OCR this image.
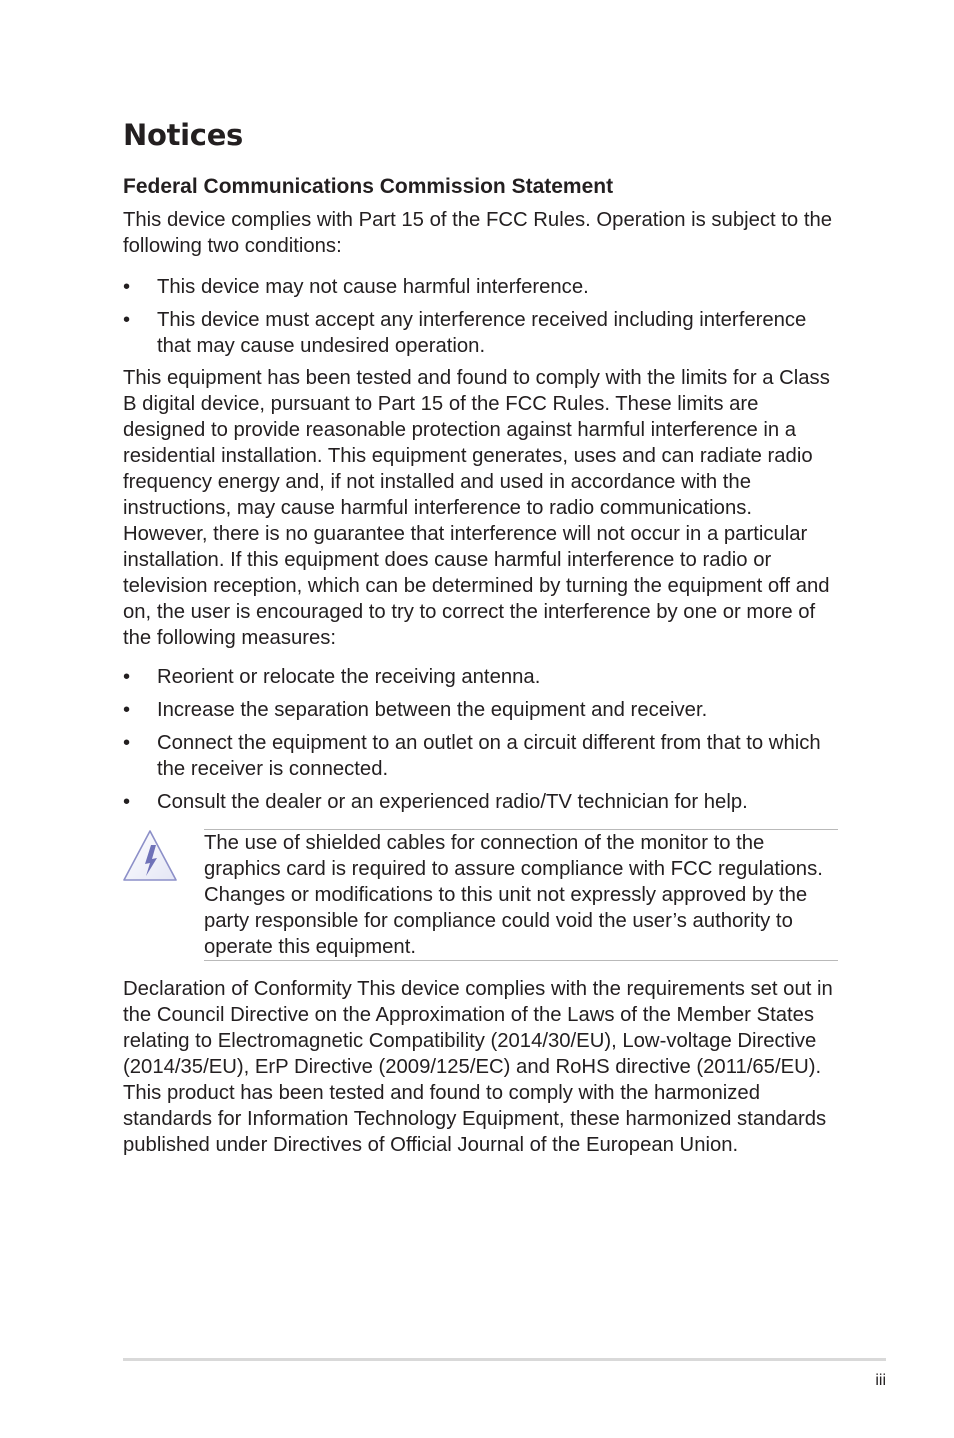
Notices
Federal Communications Commission Statement

This device complies with Part 15 of the FCC Rules. Operation is subject to the following two conditions:

• This device may not cause harmful interference.
• This device must accept any interference received including interference that may cause undesired operation.

This equipment has been tested and found to comply with the limits for a Class B digital device, pursuant to Part 15 of the FCC Rules. These limits are designed to provide reasonable protection against harmful interference in a residential installation. This equipment generates, uses and can radiate radio frequency energy and, if not installed and used in accordance with the instructions, may cause harmful interference to radio communications. However, there is no guarantee that interference will not occur in a particular installation. If this equipment does cause harmful interference to radio or television reception, which can be determined by turning the equipment off and on, the user is encouraged to try to correct the interference by one or more of the following measures:

• Reorient or relocate the receiving antenna.
• Increase the separation between the equipment and receiver.
• Connect the equipment to an outlet on a circuit different from that to which the receiver is connected.
• Consult the dealer or an experienced radio/TV technician for help.

The use of shielded cables for connection of the monitor to the graphics card is required to assure compliance with FCC regulations. Changes or modifications to this unit not expressly approved by the party responsible for compliance could void the user’s authority to operate this equipment.

Declaration of Conformity This device complies with the requirements set out in the Council Directive on the Approximation of the Laws of the Member States relating to Electromagnetic Compatibility (2014/30/EU), Low-voltage Directive (2014/35/EU), ErP Directive (2009/125/EC) and RoHS directive (2011/65/EU). This product has been tested and found to comply with the harmonized standards for Information Technology Equipment, these harmonized standards published under Directives of Official Journal of the European Union.

iii
